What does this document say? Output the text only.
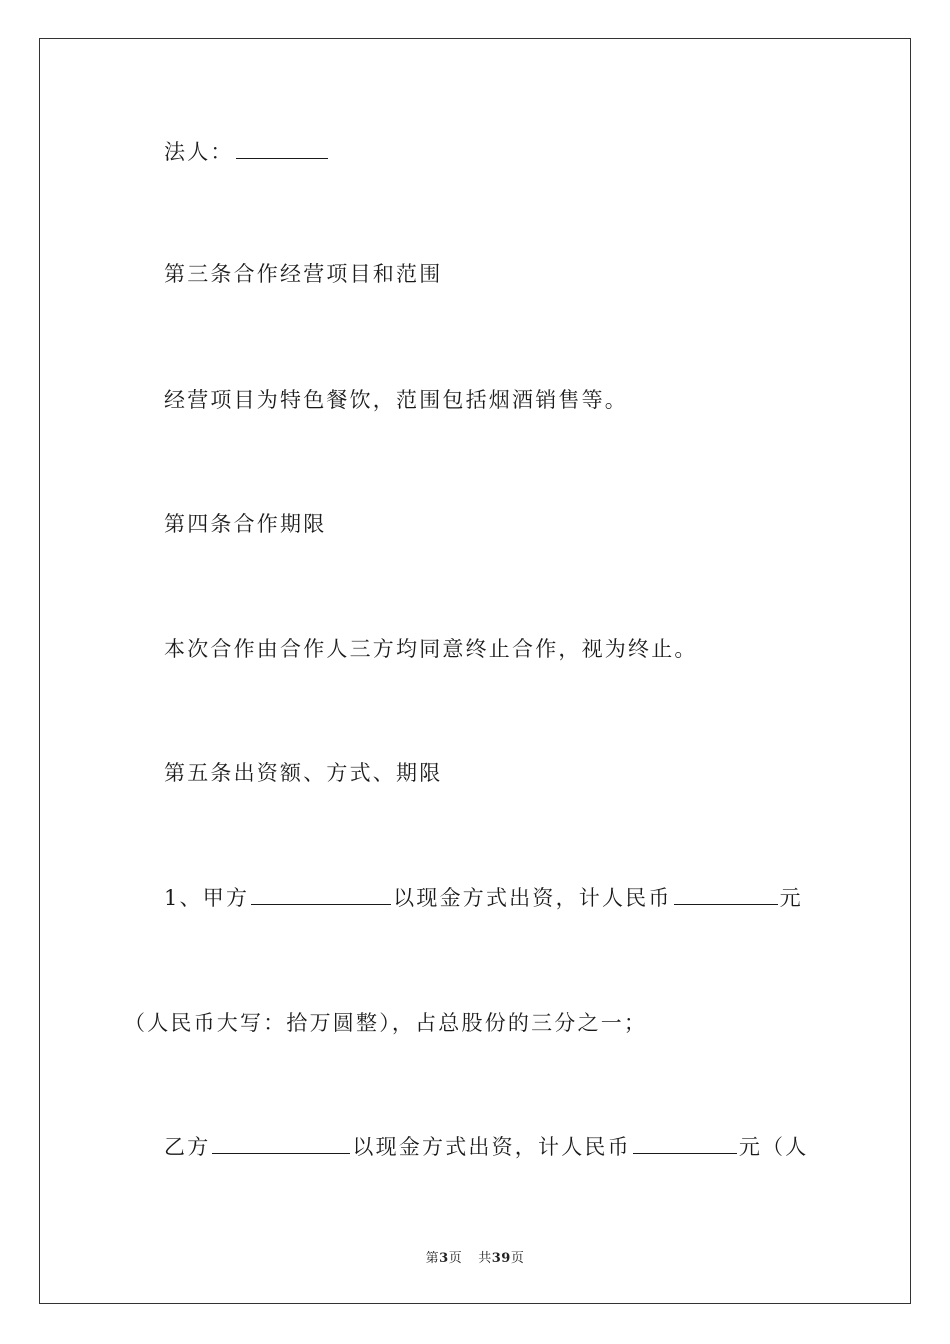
法人：
第三条合作经营项目和范围
经营项目为特色餐饮，范围包括烟酒销售等。
第四条合作期限
本次合作由合作人三方均同意终止合作，视为终止。
第五条出资额、方式、期限
1、甲方	以现金方式出资，计人民币	元
（人民币大写：拾万圆整），占总股份的三分之一；
乙方	以现金方式出资，计人民币	元（人
第3页 共39页
